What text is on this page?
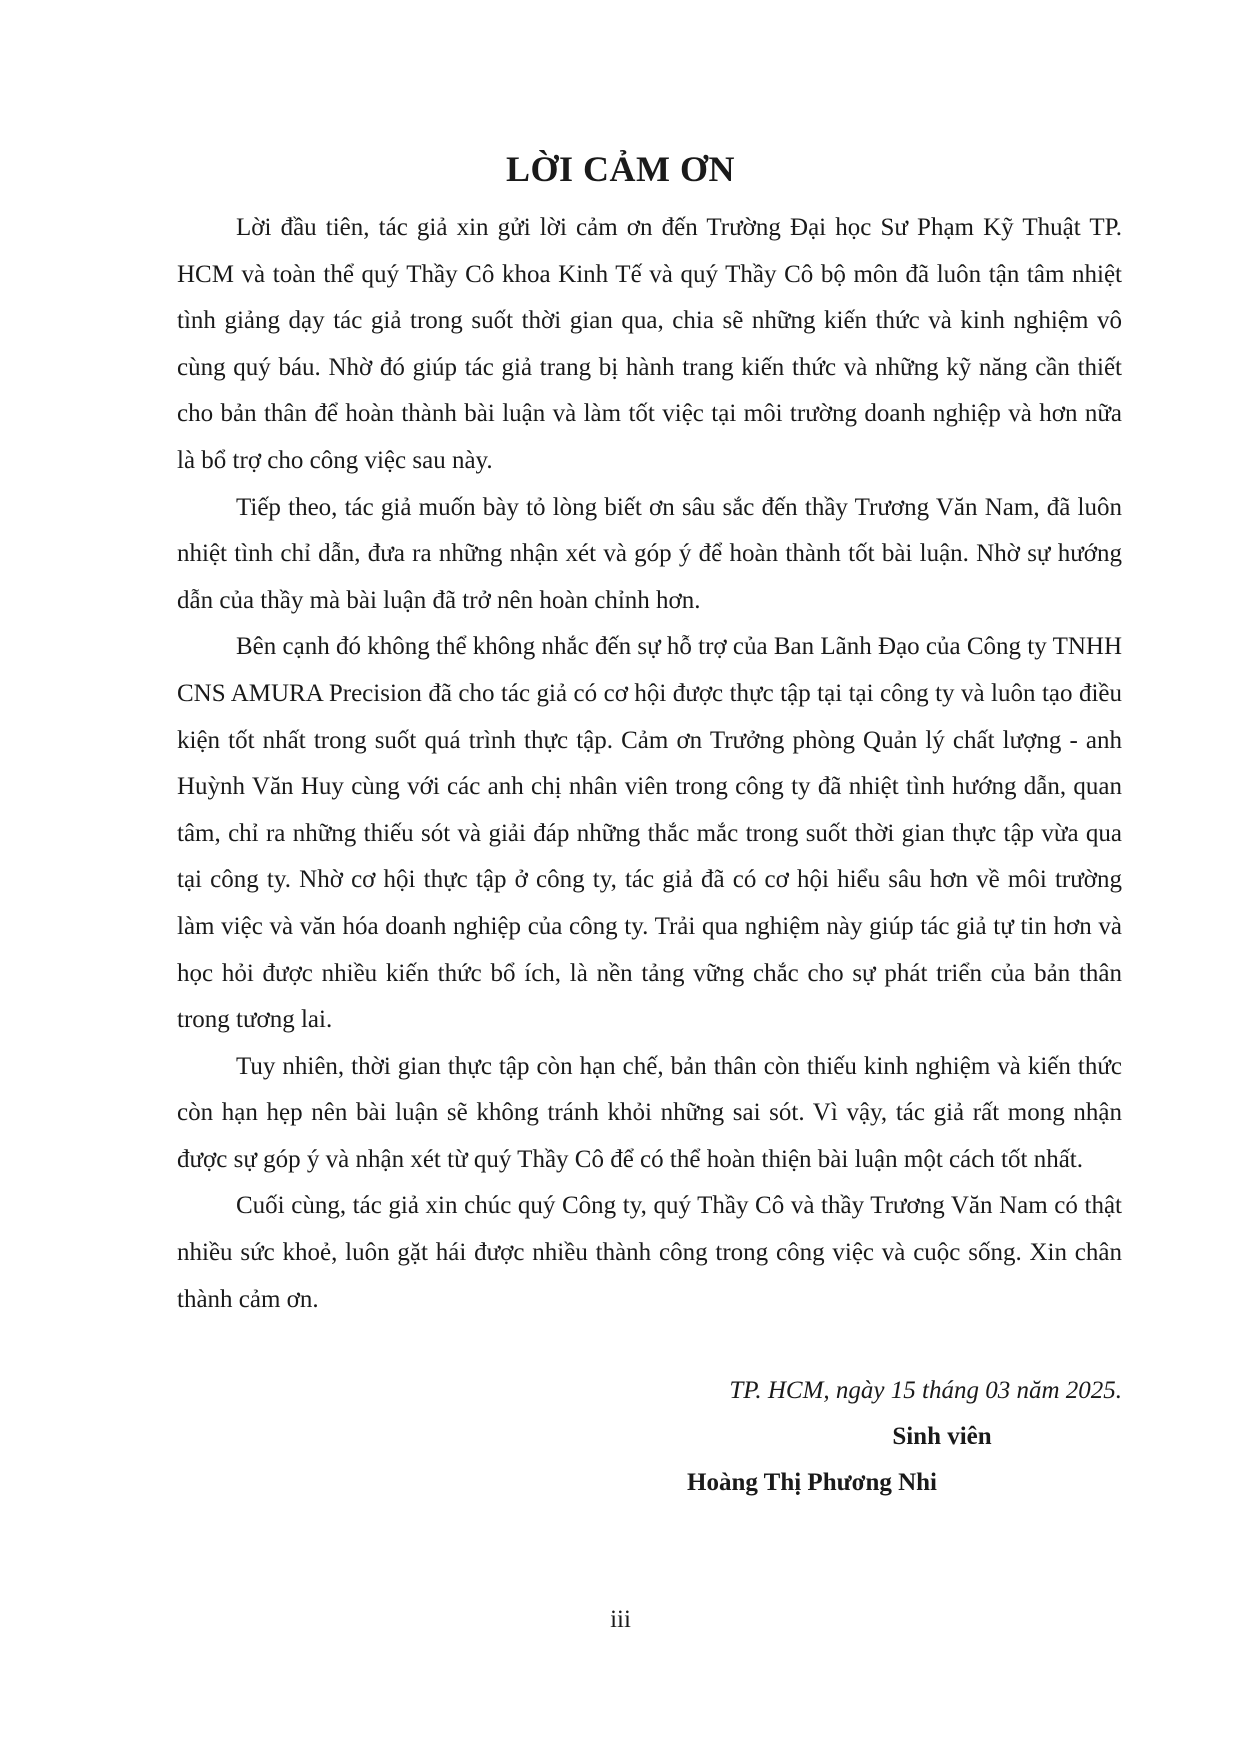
LỜI CẢM ƠN

Lời đầu tiên, tác giả xin gửi lời cảm ơn đến Trường Đại học Sư Phạm Kỹ Thuật TP. HCM và toàn thể quý Thầy Cô khoa Kinh Tế và quý Thầy Cô bộ môn đã luôn tận tâm nhiệt tình giảng dạy tác giả trong suốt thời gian qua, chia sẽ những kiến thức và kinh nghiệm vô cùng quý báu. Nhờ đó giúp tác giả trang bị hành trang kiến thức và những kỹ năng cần thiết cho bản thân để hoàn thành bài luận và làm tốt việc tại môi trường doanh nghiệp và hơn nữa là bổ trợ cho công việc sau này.

Tiếp theo, tác giả muốn bày tỏ lòng biết ơn sâu sắc đến thầy Trương Văn Nam, đã luôn nhiệt tình chỉ dẫn, đưa ra những nhận xét và góp ý để hoàn thành tốt bài luận. Nhờ sự hướng dẫn của thầy mà bài luận đã trở nên hoàn chỉnh hơn.

Bên cạnh đó không thể không nhắc đến sự hỗ trợ của Ban Lãnh Đạo của Công ty TNHH CNS AMURA Precision đã cho tác giả có cơ hội được thực tập tại tại công ty và luôn tạo điều kiện tốt nhất trong suốt quá trình thực tập. Cảm ơn Trưởng phòng Quản lý chất lượng - anh Huỳnh Văn Huy cùng với các anh chị nhân viên trong công ty đã nhiệt tình hướng dẫn, quan tâm, chỉ ra những thiếu sót và giải đáp những thắc mắc trong suốt thời gian thực tập vừa qua tại công ty. Nhờ cơ hội thực tập ở công ty, tác giả đã có cơ hội hiểu sâu hơn về môi trường làm việc và văn hóa doanh nghiệp của công ty. Trải qua nghiệm này giúp tác giả tự tin hơn và học hỏi được nhiều kiến thức bổ ích, là nền tảng vững chắc cho sự phát triển của bản thân trong tương lai.

Tuy nhiên, thời gian thực tập còn hạn chế, bản thân còn thiếu kinh nghiệm và kiến thức còn hạn hẹp nên bài luận sẽ không tránh khỏi những sai sót. Vì vậy, tác giả rất mong nhận được sự góp ý và nhận xét từ quý Thầy Cô để có thể hoàn thiện bài luận một cách tốt nhất.

Cuối cùng, tác giả xin chúc quý Công ty, quý Thầy Cô và thầy Trương Văn Nam có thật nhiều sức khoẻ, luôn gặt hái được nhiều thành công trong công việc và cuộc sống. Xin chân thành cảm ơn.

TP. HCM, ngày 15 tháng 03 năm 2025.
Sinh viên
Hoàng Thị Phương Nhi
iii
